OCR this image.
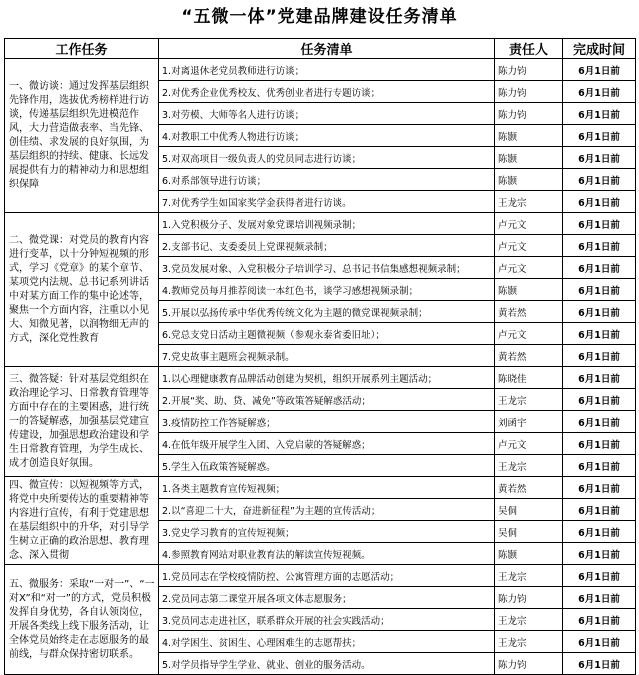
“五微一体”党建品牌建设任务清单
工作任务	任务清单	责任人	完成时间
一、微访谈：通过发挥基层组织先锋作用，选拔优秀榜样进行访谈，传递基层组织先进模范作风，大力营造做表率、当先锋、创佳绩、求发展的良好氛围，为基层组织的持续、健康、长远发展提供有力的精神动力和思想组织保障	1.对离退休老党员教师进行访谈；	陈力钧	6月1日前
	2.对优秀企业优秀校友、优秀创业者进行专题访谈；	陈力钧	6月1日前
	3.对劳模、大师等名人进行访谈；	陈力钧	6月1日前
	4.对教职工中优秀人物进行访谈；	陈颢	6月1日前
	5.对双高项目一级负责人的党员同志进行访谈；	陈颢	6月1日前
	6.对系部领导进行访谈；	陈颢	6月1日前
	7.对优秀学生如国家奖学金获得者进行访谈。	王龙宗	6月1日前
二、微党课：对党员的教育内容进行变革，以十分钟短视频的形式，学习《党章》的某个章节、某项党内法规、总书记系列讲话中对某方面工作的集中论述等，聚焦一个方面内容，注重以小见大、知微见著，以润物细无声的方式，深化党性教育	1.入党积极分子、发展对象党课培训视频录制；	卢元文	6月1日前
	2.支部书记、支委委员上党课视频录制；	卢元文	6月1日前
	3.党员发展对象、入党积极分子培训学习、总书记书信集感想视频录制；	卢元文	6月1日前
	4.教师党员每月推荐阅读一本红色书，谈学习感想视频录制；	陈颢	6月1日前
	5.开展以弘扬传承中华优秀传统文化为主题的微党课视频录制；	黄若然	6月1日前
	6.党总支党日活动主题微视频（参观永泰省委旧址）；	卢元文	6月1日前
	7.党史故事主题班会视频录制。	黄若然	6月1日前
三、微答疑：针对基层党组织在政治理论学习、日常教育管理等方面中存在的主要困惑，进行统一的答疑解惑，加强基层党建宣传建设，加强思想政治建设和学生日常教育管理，为学生成长、成才创造良好氛围。	1.以心理健康教育品牌活动创建为契机，组织开展系列主题活动；	陈晓佳	6月1日前
	2.开展“奖、助、贷、减免”等政策答疑解惑活动；	王龙宗	6月1日前
	3.疫情防控工作答疑解惑；	刘函宇	6月1日前
	4.在低年级开展学生入团、入党启蒙的答疑解惑；	卢元文	6月1日前
	5.学生入伍政策答疑解惑。	王龙宗	6月1日前
四、微宣传：以短视频等方式，将党中央所要传达的重要精神等内容进行宣传，有利于党建思想在基层组织中的升华，对引导学生树立正确的政治思想、教育理念、深入贯彻	1.各类主题教育宣传短视频；	黄若然	6月1日前
	2.以“喜迎二十大，奋进新征程”为主题的宣传活动；	吴侗	6月1日前
	3.党史学习教育的宣传短视频；	吴侗	6月1日前
	4.参照教育网站对职业教育法的解读宣传短视频。	陈颢	6月1日前
五、微服务：采取“一对一”、“一对X”和“对一”的方式，党员积极发挥自身优势，各自认领岗位，开展各类线上线下服务活动，让全体党员始终走在志愿服务的最前线，与群众保持密切联系。	1.党员同志在学校疫情防控、公寓管理方面的志愿活动；	王龙宗	6月1日前
	2.党员同志第二课堂开展各项文体志愿服务；	陈力钧	6月1日前
	3.党员同志走进社区，联系群众开展的社会实践活动；	王龙宗	6月1日前
	4.对学困生、贫困生、心理困难生的志愿帮扶；	王龙宗	6月1日前
	5.对学员指导学生学业、就业、创业的服务活动。	陈力钧	6月1日前
